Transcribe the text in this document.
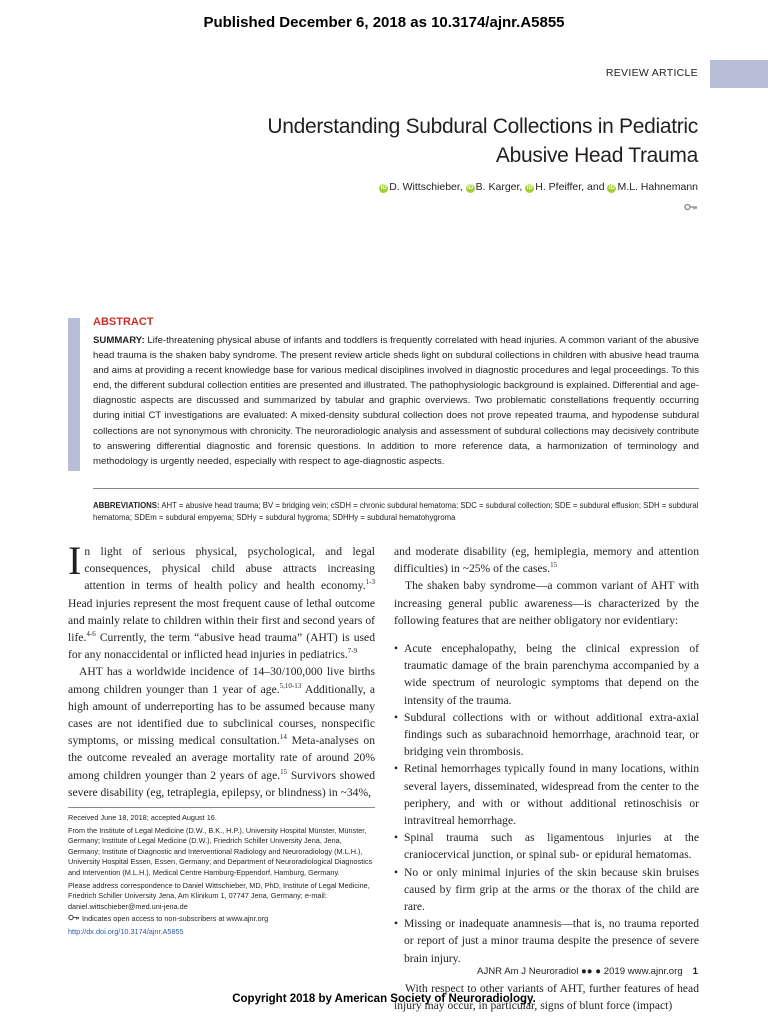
Published December 6, 2018 as 10.3174/ajnr.A5855
REVIEW ARTICLE
Understanding Subdural Collections in Pediatric
Abusive Head Trauma
iD D. Wittschieber, iD B. Karger, iD H. Pfeiffer, and iD M.L. Hahnemann
ABSTRACT
SUMMARY: Life-threatening physical abuse of infants and toddlers is frequently correlated with head injuries. A common variant of the abusive head trauma is the shaken baby syndrome. The present review article sheds light on subdural collections in children with abusive head trauma and aims at providing a recent knowledge base for various medical disciplines involved in diagnostic procedures and legal proceedings. To this end, the different subdural collection entities are presented and illustrated. The pathophysiologic background is explained. Differential and age-diagnostic aspects are discussed and summarized by tabular and graphic overviews. Two problematic constellations frequently occurring during initial CT investigations are evaluated: A mixed-density subdural collection does not prove repeated trauma, and hypodense subdural collections are not synonymous with chronicity. The neuroradiologic analysis and assessment of subdural collections may decisively contribute to answering differential diagnostic and forensic questions. In addition to more reference data, a harmonization of terminology and methodology is urgently needed, especially with respect to age-diagnostic aspects.
ABBREVIATIONS: AHT = abusive head trauma; BV = bridging vein; cSDH = chronic subdural hematoma; SDC = subdural collection; SDE = subdural effusion; SDH = subdural hematoma; SDEm = subdural empyema; SDHy = subdural hygroma; SDHHy = subdural hematohygroma

In light of serious physical, psychological, and legal consequences, physical child abuse attracts increasing attention in terms of health policy and health economy.$^{1-3}$ Head injuries represent the most frequent cause of lethal outcome and mainly relate to children within their first and second years of life.$^{4-6}$ Currently, the term “abusive head trauma” (AHT) is used for any nonaccidental or inflicted head injuries in pediatrics.$^{7-9}$

AHT has a worldwide incidence of 14–30/100,000 live births among children younger than 1 year of age.$^{5,10-13}$ Additionally, a high amount of underreporting has to be assumed because many cases are not identified due to subclinical courses, nonspecific symptoms, or missing medical consultation.$^{14}$ Meta-analyses on the outcome revealed an average mortality rate of around 20% among children younger than 2 years of age.$^{15}$ Survivors showed severe disability (eg, tetraplegia, epilepsy, or blindness) in ~34%,

Received June 18, 2018; accepted August 16.

From the Institute of Legal Medicine (D.W., B.K., H.P.), University Hospital Münster, Münster, Germany; Institute of Legal Medicine (D.W.), Friedrich Schiller University Jena, Jena, Germany; Institute of Diagnostic and Interventional Radiology and Neuroradiology (M.L.H.), University Hospital Essen, Essen, Germany; and Department of Neuroradiological Diagnostics and Intervention (M.L.H.), Medical Centre Hamburg-Eppendorf, Hamburg, Germany.

Please address correspondence to Daniel Wittschieber, MD, PhD, Institute of Legal Medicine, Friedrich Schiller University Jena, Am Klinikum 1, 07747 Jena, Germany; e-mail: daniel.wittschieber@med.uni-jena.de

Indicates open access to non-subscribers at www.ajnr.org

http://dx.doi.org/10.3174/ajnr.A5855

and moderate disability (eg, hemiplegia, memory and attention difficulties) in ~25% of the cases.$^{15}$

The shaken baby syndrome—a common variant of AHT with increasing general public awareness—is characterized by the following features that are neither obligatory nor evidentiary:

• Acute encephalopathy, being the clinical expression of traumatic damage of the brain parenchyma accompanied by a wide spectrum of neurologic symptoms that depend on the intensity of the trauma.
• Subdural collections with or without additional extra-axial findings such as subarachnoid hemorrhage, arachnoid tear, or bridging vein thrombosis.
• Retinal hemorrhages typically found in many locations, within several layers, disseminated, widespread from the center to the periphery, and with or without additional retinoschisis or intravitreal hemorrhage.
• Spinal trauma such as ligamentous injuries at the craniocervical junction, or spinal sub- or epidural hematomas.
• No or only minimal injuries of the skin because skin bruises caused by firm grip at the arms or the thorax of the child are rare.
• Missing or inadequate anamnesis—that is, no trauma reported or report of just a minor trauma despite the presence of severe brain injury.

With respect to other variants of AHT, further features of head injury may occur, in particular, signs of blunt force (impact)

AJNR Am J Neuroradiol ●● ● 2019 www.ajnr.org 1
Copyright 2018 by American Society of Neuroradiology.
